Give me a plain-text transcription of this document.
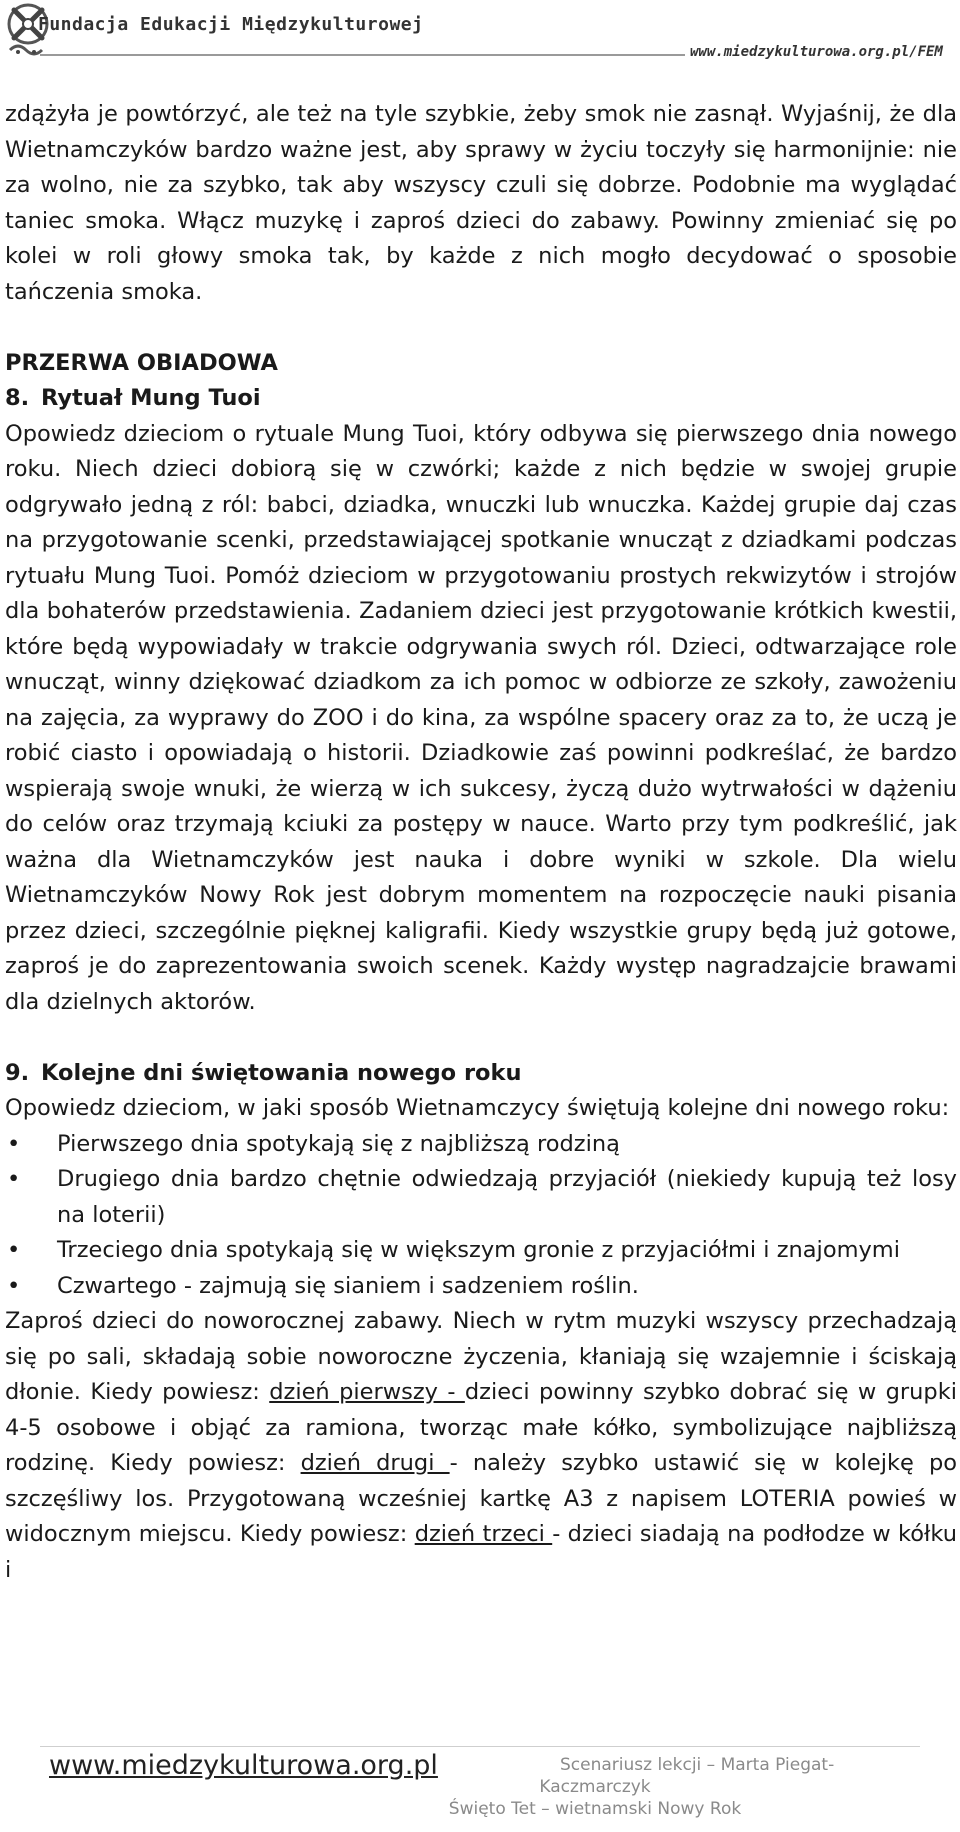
Fundacja Edukacji Międzykulturowej
www.miedzykulturowa.org.pl/FEM

zdążyła je powtórzyć, ale też na tyle szybkie, żeby smok nie zasnął. Wyjaśnij, że dla Wietnamczyków bardzo ważne jest, aby sprawy w życiu toczyły się harmonijnie: nie za wolno, nie za szybko, tak aby wszyscy czuli się dobrze. Podobnie ma wyglądać taniec smoka. Włącz muzykę i zaproś dzieci do zabawy. Powinny zmieniać się po kolei w roli głowy smoka tak, by każde z nich mogło decydować o sposobie tańczenia smoka.

PRZERWA OBIADOWA

8. Rytuał Mung Tuoi

Opowiedz dzieciom o rytuale Mung Tuoi, który odbywa się pierwszego dnia nowego roku. Niech dzieci dobiorą się w czwórki; każde z nich będzie w swojej grupie odgrywało jedną z ról: babci, dziadka, wnuczki lub wnuczka. Każdej grupie daj czas na przygotowanie scenki, przedstawiającej spotkanie wnucząt z dziadkami podczas rytuału Mung Tuoi. Pomóż dzieciom w przygotowaniu prostych rekwizytów i strojów dla bohaterów przedstawienia. Zadaniem dzieci jest przygotowanie krótkich kwestii, które będą wypowiadały w trakcie odgrywania swych ról. Dzieci, odtwarzające role wnucząt, winny dziękować dziadkom za ich pomoc w odbiorze ze szkoły, zawożeniu na zajęcia, za wyprawy do ZOO i do kina, za wspólne spacery oraz za to, że uczą je robić ciasto i opowiadają o historii. Dziadkowie zaś powinni podkreślać, że bardzo wspierają swoje wnuki, że wierzą w ich sukcesy, życzą dużo wytrwałości w dążeniu do celów oraz trzymają kciuki za postępy w nauce. Warto przy tym podkreślić, jak ważna dla Wietnamczyków jest nauka i dobre wyniki w szkole. Dla wielu Wietnamczyków Nowy Rok jest dobrym momentem na rozpoczęcie nauki pisania przez dzieci, szczególnie pięknej kaligrafii. Kiedy wszystkie grupy będą już gotowe, zaproś je do zaprezentowania swoich scenek. Każdy występ nagradzajcie brawami dla dzielnych aktorów.

9. Kolejne dni świętowania nowego roku

Opowiedz dzieciom, w jaki sposób Wietnamczycy świętują kolejne dni nowego roku:

• Pierwszego dnia spotykają się z najbliższą rodziną
• Drugiego dnia bardzo chętnie odwiedzają przyjaciół (niekiedy kupują też losy na loterii)
• Trzeciego dnia spotykają się w większym gronie z przyjaciółmi i znajomymi
• Czwartego - zajmują się sianiem i sadzeniem roślin.

Zaproś dzieci do noworocznej zabawy. Niech w rytm muzyki wszyscy przechadzają się po sali, składają sobie noworoczne życzenia, kłaniają się wzajemnie i ściskają dłonie. Kiedy powiesz: dzień pierwszy - dzieci powinny szybko dobrać się w grupki 4-5 osobowe i objąć za ramiona, tworząc małe kółko, symbolizujące najbliższą rodzinę. Kiedy powiesz: dzień drugi - należy szybko ustawić się w kolejkę po szczęśliwy los. Przygotowaną wcześniej kartkę A3 z napisem LOTERIA powieś w widocznym miejscu. Kiedy powiesz: dzień trzeci - dzieci siadają na podłodze w kółku i

www.miedzykulturowa.org.pl	Scenariusz lekcji – Marta Piegat-
Kaczmarczyk
Święto Tet – wietnamski Nowy Rok
